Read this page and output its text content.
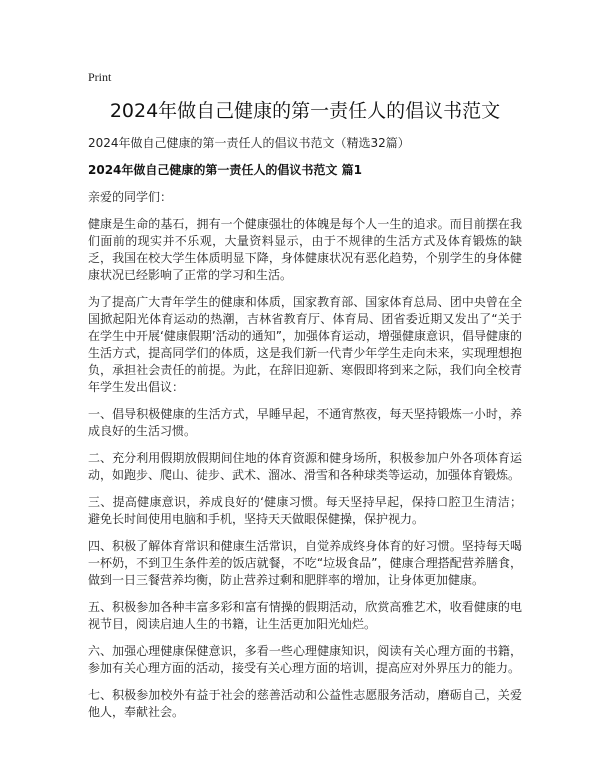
Print
2024年做自己健康的第一责任人的倡议书范文
2024年做自己健康的第一责任人的倡议书范文（精选32篇）
2024年做自己健康的第一责任人的倡议书范文 篇1

亲爱的同学们：

健康是生命的基石，拥有一个健康强壮的体魄是每个人一生的追求。而目前摆在我们面前的现实并不乐观，大量资料显示，由于不规律的生活方式及体育锻炼的缺乏，我国在校大学生体质明显下降，身体健康状况有恶化趋势，个别学生的身体健康状况已经影响了正常的学习和生活。

为了提高广大青年学生的健康和体质，国家教育部、国家体育总局、团中央曾在全国掀起阳光体育运动的热潮，吉林省教育厅、体育局、团省委近期又发出了“关于在学生中开展‘健康假期’活动的通知”，加强体育运动，增强健康意识，倡导健康的生活方式，提高同学们的体质，这是我们新一代青少年学生走向未来，实现理想抱负，承担社会责任的前提。为此，在辞旧迎新、寒假即将到来之际，我们向全校青年学生发出倡议：

一、倡导积极健康的生活方式，早睡早起，不通宵熬夜，每天坚持锻炼一小时，养成良好的生活习惯。

二、充分利用假期放假期间住地的体育资源和健身场所，积极参加户外各项体育运动，如跑步、爬山、徒步、武术、溜冰、滑雪和各种球类等运动，加强体育锻炼。

三、提高健康意识，养成良好的‘健康习惯。每天坚持早起，保持口腔卫生清洁；避免长时间使用电脑和手机，坚持天天做眼保健操，保护视力。

四、积极了解体育常识和健康生活常识，自觉养成终身体育的好习惯。坚持每天喝一杯奶，不到卫生条件差的饭店就餐，不吃“垃圾食品”，健康合理搭配营养膳食，做到一日三餐营养均衡，防止营养过剩和肥胖率的增加，让身体更加健康。

五、积极参加各种丰富多彩和富有情操的假期活动，欣赏高雅艺术，收看健康的电视节目，阅读启迪人生的书籍，让生活更加阳光灿烂。

六、加强心理健康保健意识，多看一些心理健康知识，阅读有关心理方面的书籍，参加有关心理方面的活动，接受有关心理方面的培训，提高应对外界压力的能力。

七、积极参加校外有益于社会的慈善活动和公益性志愿服务活动，磨砺自己，关爱他人，奉献社会。
